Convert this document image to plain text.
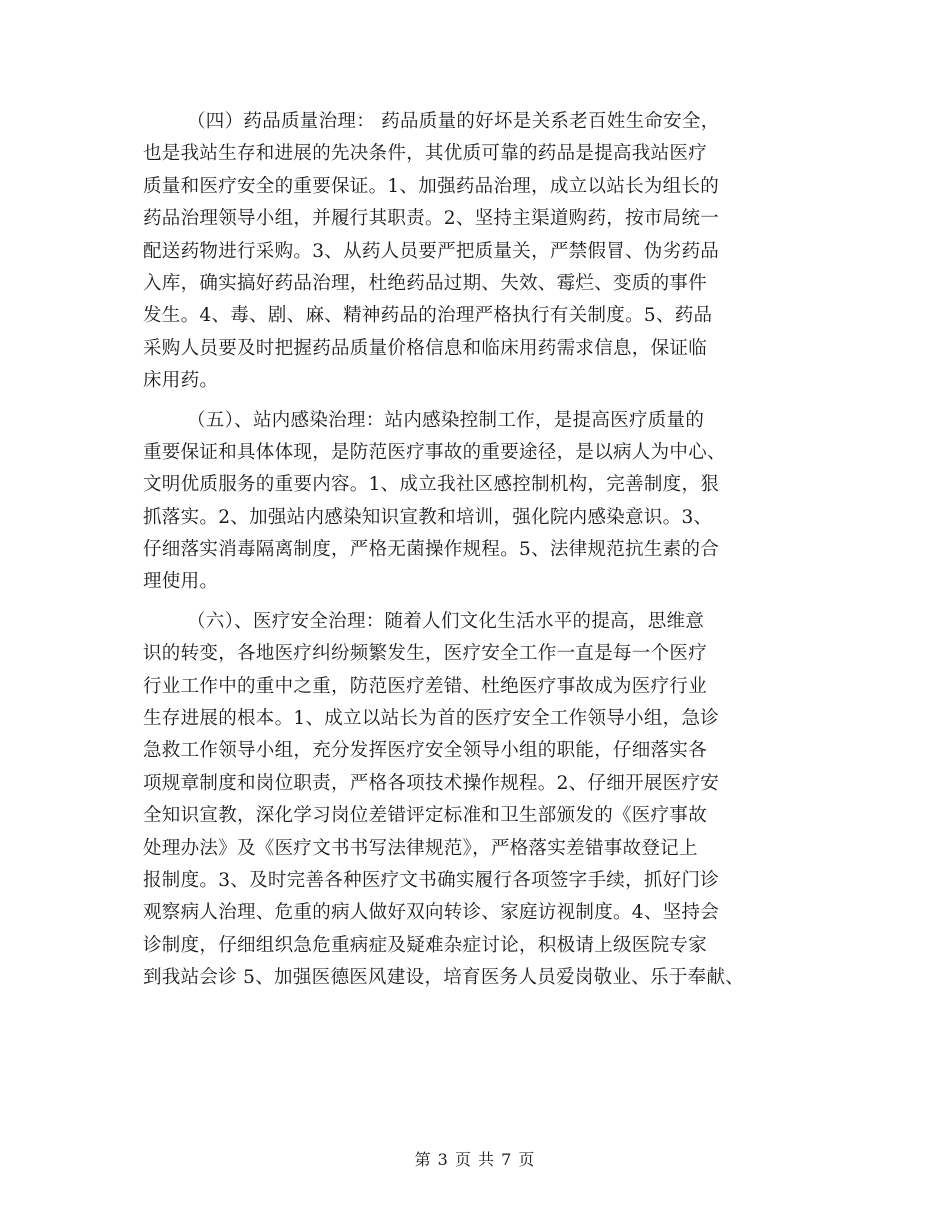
（四）药品质量治理： 药品质量的好坏是关系老百姓生命安全，
也是我站生存和进展的先决条件，其优质可靠的药品是提高我站医疗
质量和医疗安全的重要保证。1、加强药品治理，成立以站长为组长的
药品治理领导小组，并履行其职责。2、坚持主渠道购药，按市局统一
配送药物进行采购。3、从药人员要严把质量关，严禁假冒、伪劣药品
入库，确实搞好药品治理，杜绝药品过期、失效、霉烂、变质的事件
发生。4、毒、剧、麻、精神药品的治理严格执行有关制度。5、药品
采购人员要及时把握药品质量价格信息和临床用药需求信息，保证临
床用药。
（五）、站内感染治理：站内感染控制工作，是提高医疗质量的
重要保证和具体体现，是防范医疗事故的重要途径，是以病人为中心、
文明优质服务的重要内容。1、成立我社区感控制机构，完善制度，狠
抓落实。2、加强站内感染知识宣教和培训，强化院内感染意识。3、
仔细落实消毒隔离制度，严格无菌操作规程。5、法律规范抗生素的合
理使用。
（六）、医疗安全治理：随着人们文化生活水平的提高，思维意
识的转变，各地医疗纠纷频繁发生，医疗安全工作一直是每一个医疗
行业工作中的重中之重，防范医疗差错、杜绝医疗事故成为医疗行业
生存进展的根本。1、成立以站长为首的医疗安全工作领导小组，急诊
急救工作领导小组，充分发挥医疗安全领导小组的职能，仔细落实各
项规章制度和岗位职责，严格各项技术操作规程。2、仔细开展医疗安
全知识宣教，深化学习岗位差错评定标准和卫生部颁发的《医疗事故
处理办法》及《医疗文书书写法律规范》，严格落实差错事故登记上
报制度。3、及时完善各种医疗文书确实履行各项签字手续，抓好门诊
观察病人治理、危重的病人做好双向转诊、家庭访视制度。4、坚持会
诊制度，仔细组织急危重病症及疑难杂症讨论，积极请上级医院专家
到我站会诊 5、加强医德医风建设，培育医务人员爱岗敬业、乐于奉献、
第 3 页 共 7 页
